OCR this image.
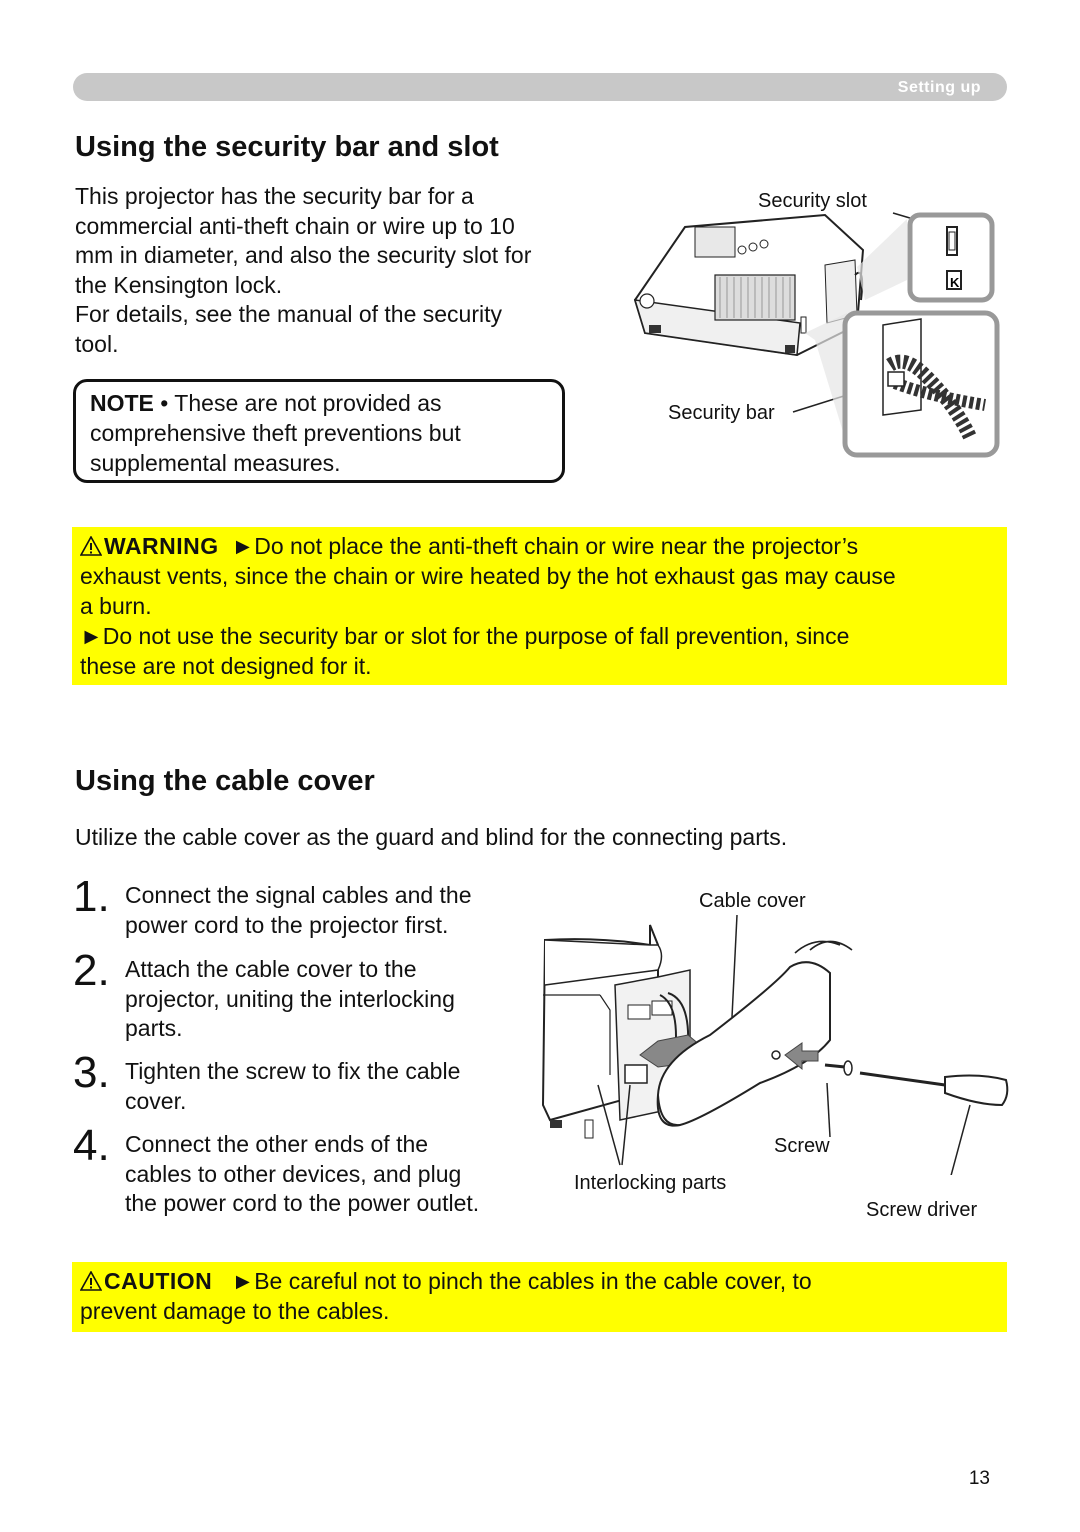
Setting up
Using the security bar and slot
This projector has the security bar for a
commercial anti-theft chain or wire up to 10
mm in diameter, and also the security slot for
the Kensington lock.
For details, see the manual of the security
tool.
Security slot
Security bar
K
NOTE • These are not provided as
comprehensive theft preventions but
supplemental measures.
WARNING ►Do not place the anti-theft chain or wire near the projector’s
exhaust vents, since the chain or wire heated by the hot exhaust gas may cause
a burn.
►Do not use the security bar or slot for the purpose of fall prevention, since
these are not designed for it.
Using the cable cover
Utilize the cable cover as the guard and blind for the connecting parts.
1. Connect the signal cables and the
power cord to the projector first.
2. Attach the cable cover to the
projector, uniting the interlocking
parts.
3. Tighten the screw to fix the cable
cover.
4. Connect the other ends of the
cables to other devices, and plug
the power cord to the power outlet.
Cable cover
Screw
Interlocking parts
Screw driver
CAUTION ►Be careful not to pinch the cables in the cable cover, to
prevent damage to the cables.
13
